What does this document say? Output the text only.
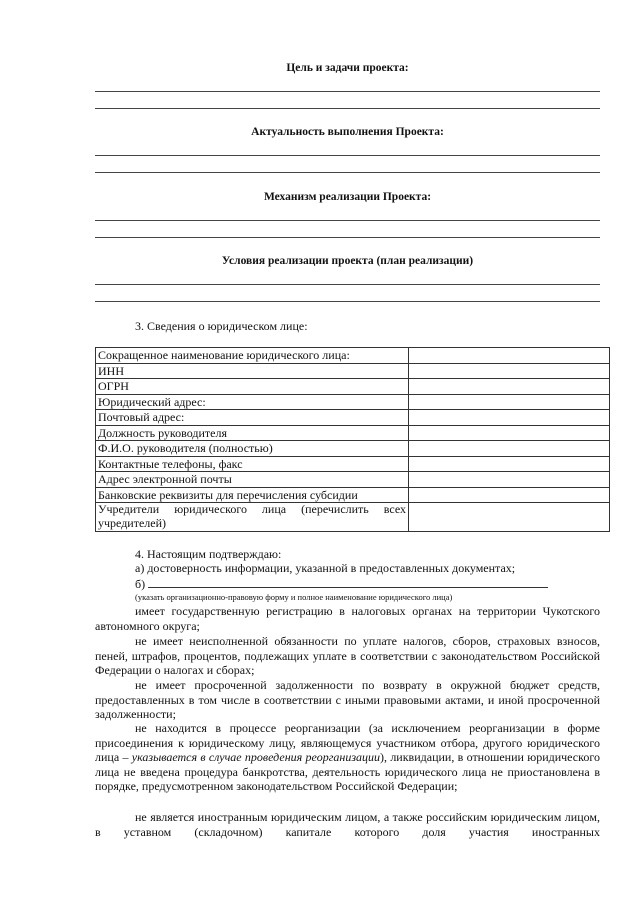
Цель и задачи проекта:
Актуальность выполнения Проекта:
Механизм реализации Проекта:
Условия реализации проекта (план реализации)
3. Сведения о юридическом лице:
Сокращенное наименование юридического лица:	
ИНН	
ОГРН	
Юридический адрес:	
Почтовый адрес:	
Должность руководителя	
Ф.И.О. руководителя (полностью)	
Контактные телефоны, факс	
Адрес электронной почты	
Банковские реквизиты для перечисления субсидии	
Учредители юридического лица (перечислить всех учредителей)	
4. Настоящим подтверждаю:
а) достоверность информации, указанной в предоставленных документах;
б)
(указать организационно-правовую форму и полное наименование юридического лица)
имеет государственную регистрацию в налоговых органах на территории Чукотского автономного округа;
не имеет неисполненной обязанности по уплате налогов, сборов, страховых взносов, пеней, штрафов, процентов, подлежащих уплате в соответствии с законодательством Российской Федерации о налогах и сборах;
не имеет просроченной задолженности по возврату в окружной бюджет средств, предоставленных в том числе в соответствии с иными правовыми актами, и иной просроченной задолженности;
не находится в процессе реорганизации (за исключением реорганизации в форме присоединения к юридическому лицу, являющемуся участником отбора, другого юридического лица – указывается в случае проведения реорганизации), ликвидации, в отношении юридического лица не введена процедура банкротства, деятельность юридического лица не приостановлена в порядке, предусмотренном законодательством Российской Федерации;
не является иностранным юридическим лицом, а также российским юридическим лицом, в уставном (складочном) капитале которого доля участия иностранных
